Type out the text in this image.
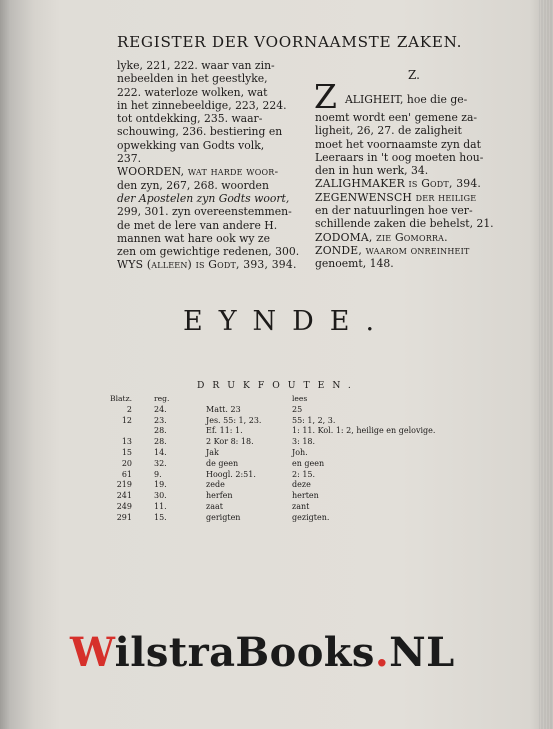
REGISTER DER VOORNAAMSTE ZAKEN.

lyke, 221, 222. waar van zin-

nebeelden in het geestlyke,

222. waterloze wolken, wat

in het zinnebeeldige, 223, 224.

tot ontdekking, 235. waar-

schouwing, 236. bestiering en

opwekking van Godts volk,

237.

WOORDEN, wat harde woor-

den zyn, 267, 268. woorden

der Apostelen zyn Godts woort,

299, 301. zyn overeenstemmen-

de met de lere van andere H.

mannen wat hare ook wy ze

zen om gewichtige redenen, 300.

WYS (alleen) is Godt, 393, 394.

Z.
Z ALIGHEIT, hoe die ge-

noemt wordt een' gemene za-

ligheit, 26, 27. de zaligheit

moet het voornaamste zyn dat

Leeraars in 't oog moeten hou-

den in hun werk, 34.

ZALIGHMAKER is Godt, 394.

ZEGENWENSCH der heilige

en der natuurlingen hoe ver-

schillende zaken die behelst, 21.

ZODOMA, zie Gomorra.

ZONDE, waarom onreinheit

genoemt, 148.

EYNDE.
DRUKFOUTEN.
Blatz.	reg.		lees
2	24.	Matt. 23	25
12	23.	Jes. 55: 1, 23.	55: 1, 2, 3.
	28.	Ef. 11: 1.	1: 11. Kol. 1: 2, heilige en gelovige.
13	28.	2 Kor 8: 18.	3: 18.
15	14.	Jak	Joh.
20	32.	de geen	en geen
61	9.	Hoogl. 2:51.	2: 15.
219	19.	zede	deze
241	30.	herfen	herten
249	11.	zaat	zant
291	15.	gerigten	gezigten.
WilstraBooks.NL
